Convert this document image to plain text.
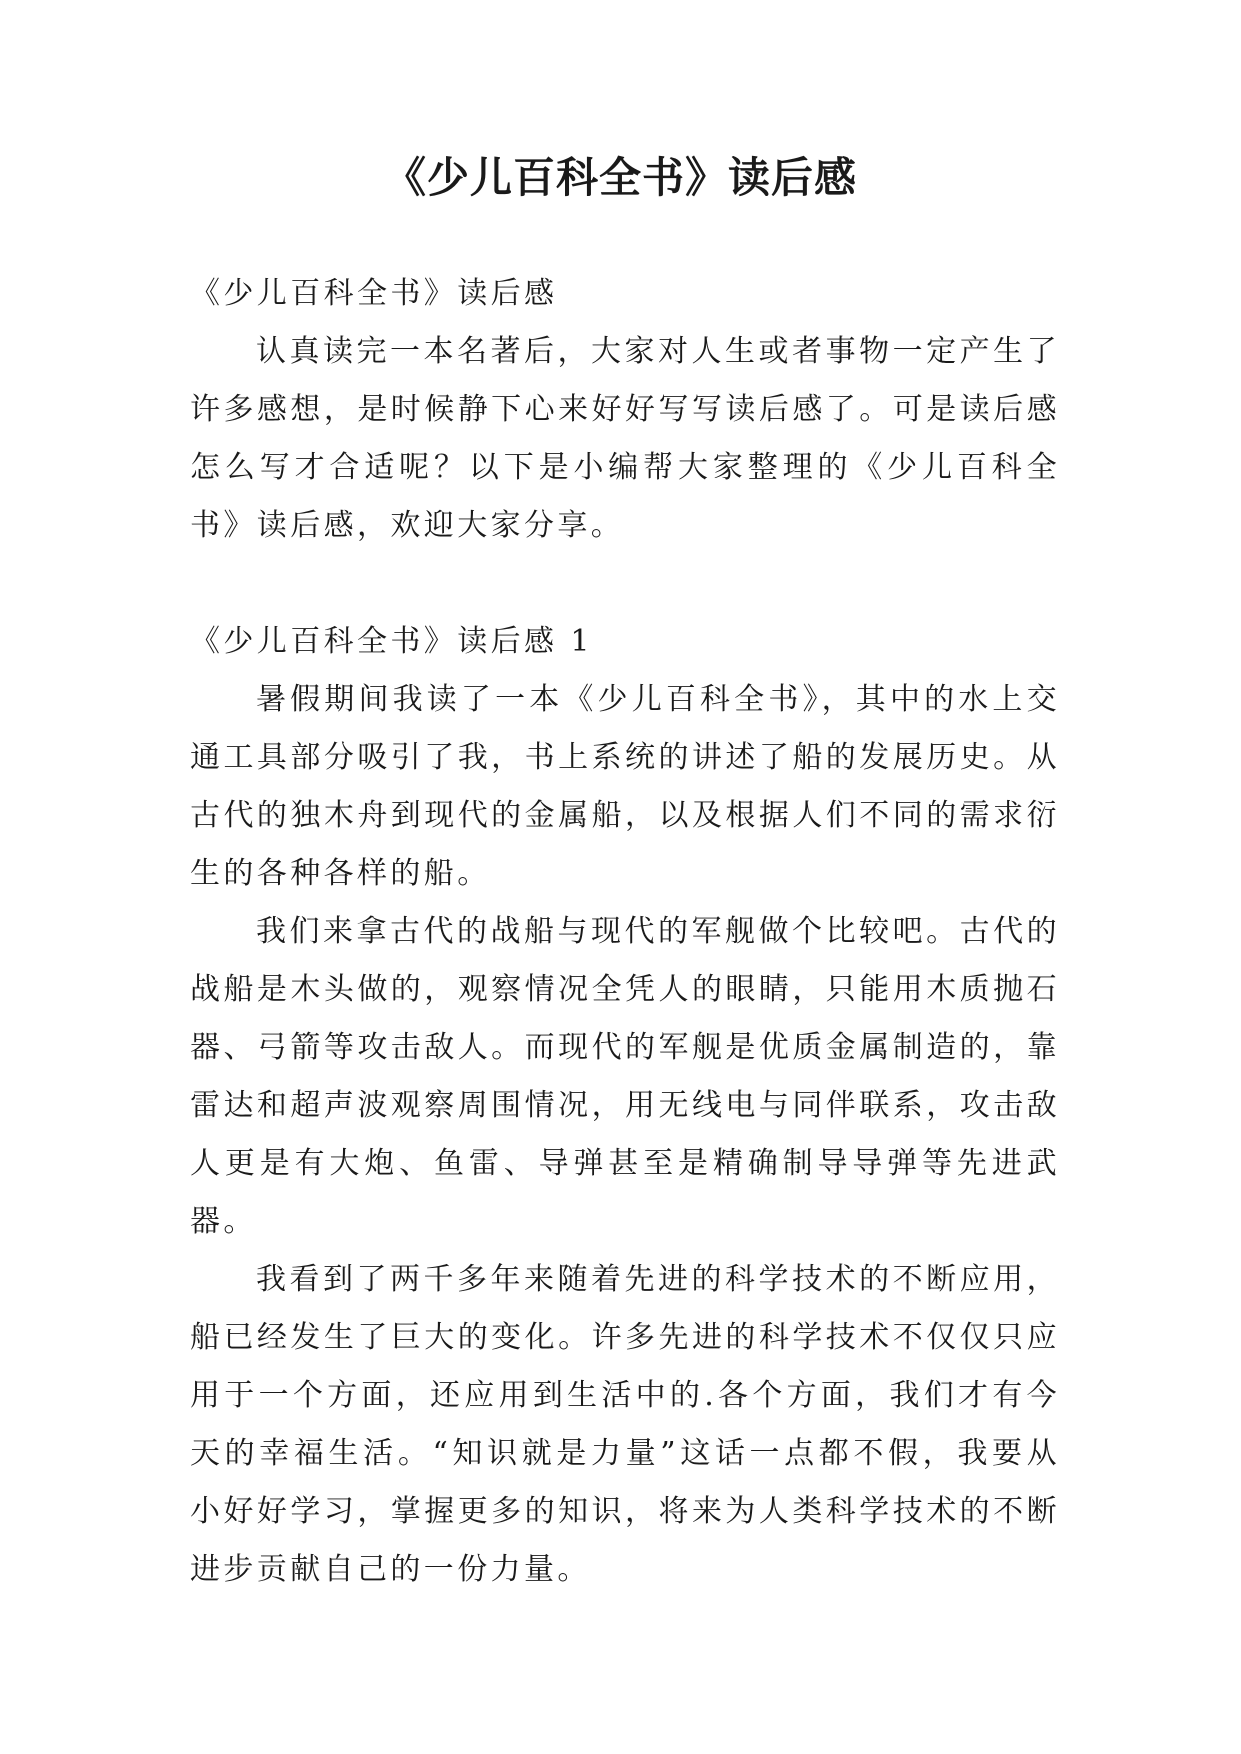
《少儿百科全书》读后感

《少儿百科全书》读后感

认真读完一本名著后，大家对人生或者事物一定产生了许多感想，是时候静下心来好好写写读后感了。可是读后感怎么写才合适呢？以下是小编帮大家整理的《少儿百科全书》读后感，欢迎大家分享。

《少儿百科全书》读后感 1

暑假期间我读了一本《少儿百科全书》，其中的水上交通工具部分吸引了我，书上系统的讲述了船的发展历史。从古代的独木舟到现代的金属船，以及根据人们不同的需求衍生的各种各样的船。

我们来拿古代的战船与现代的军舰做个比较吧。古代的战船是木头做的，观察情况全凭人的眼睛，只能用木质抛石器、弓箭等攻击敌人。而现代的军舰是优质金属制造的，靠雷达和超声波观察周围情况，用无线电与同伴联系，攻击敌人更是有大炮、鱼雷、导弹甚至是精确制导导弹等先进武器。

我看到了两千多年来随着先进的科学技术的不断应用，船已经发生了巨大的变化。许多先进的科学技术不仅仅只应用于一个方面，还应用到生活中的.各个方面，我们才有今天的幸福生活。“知识就是力量”这话一点都不假，我要从小好好学习，掌握更多的知识，将来为人类科学技术的不断进步贡献自己的一份力量。
